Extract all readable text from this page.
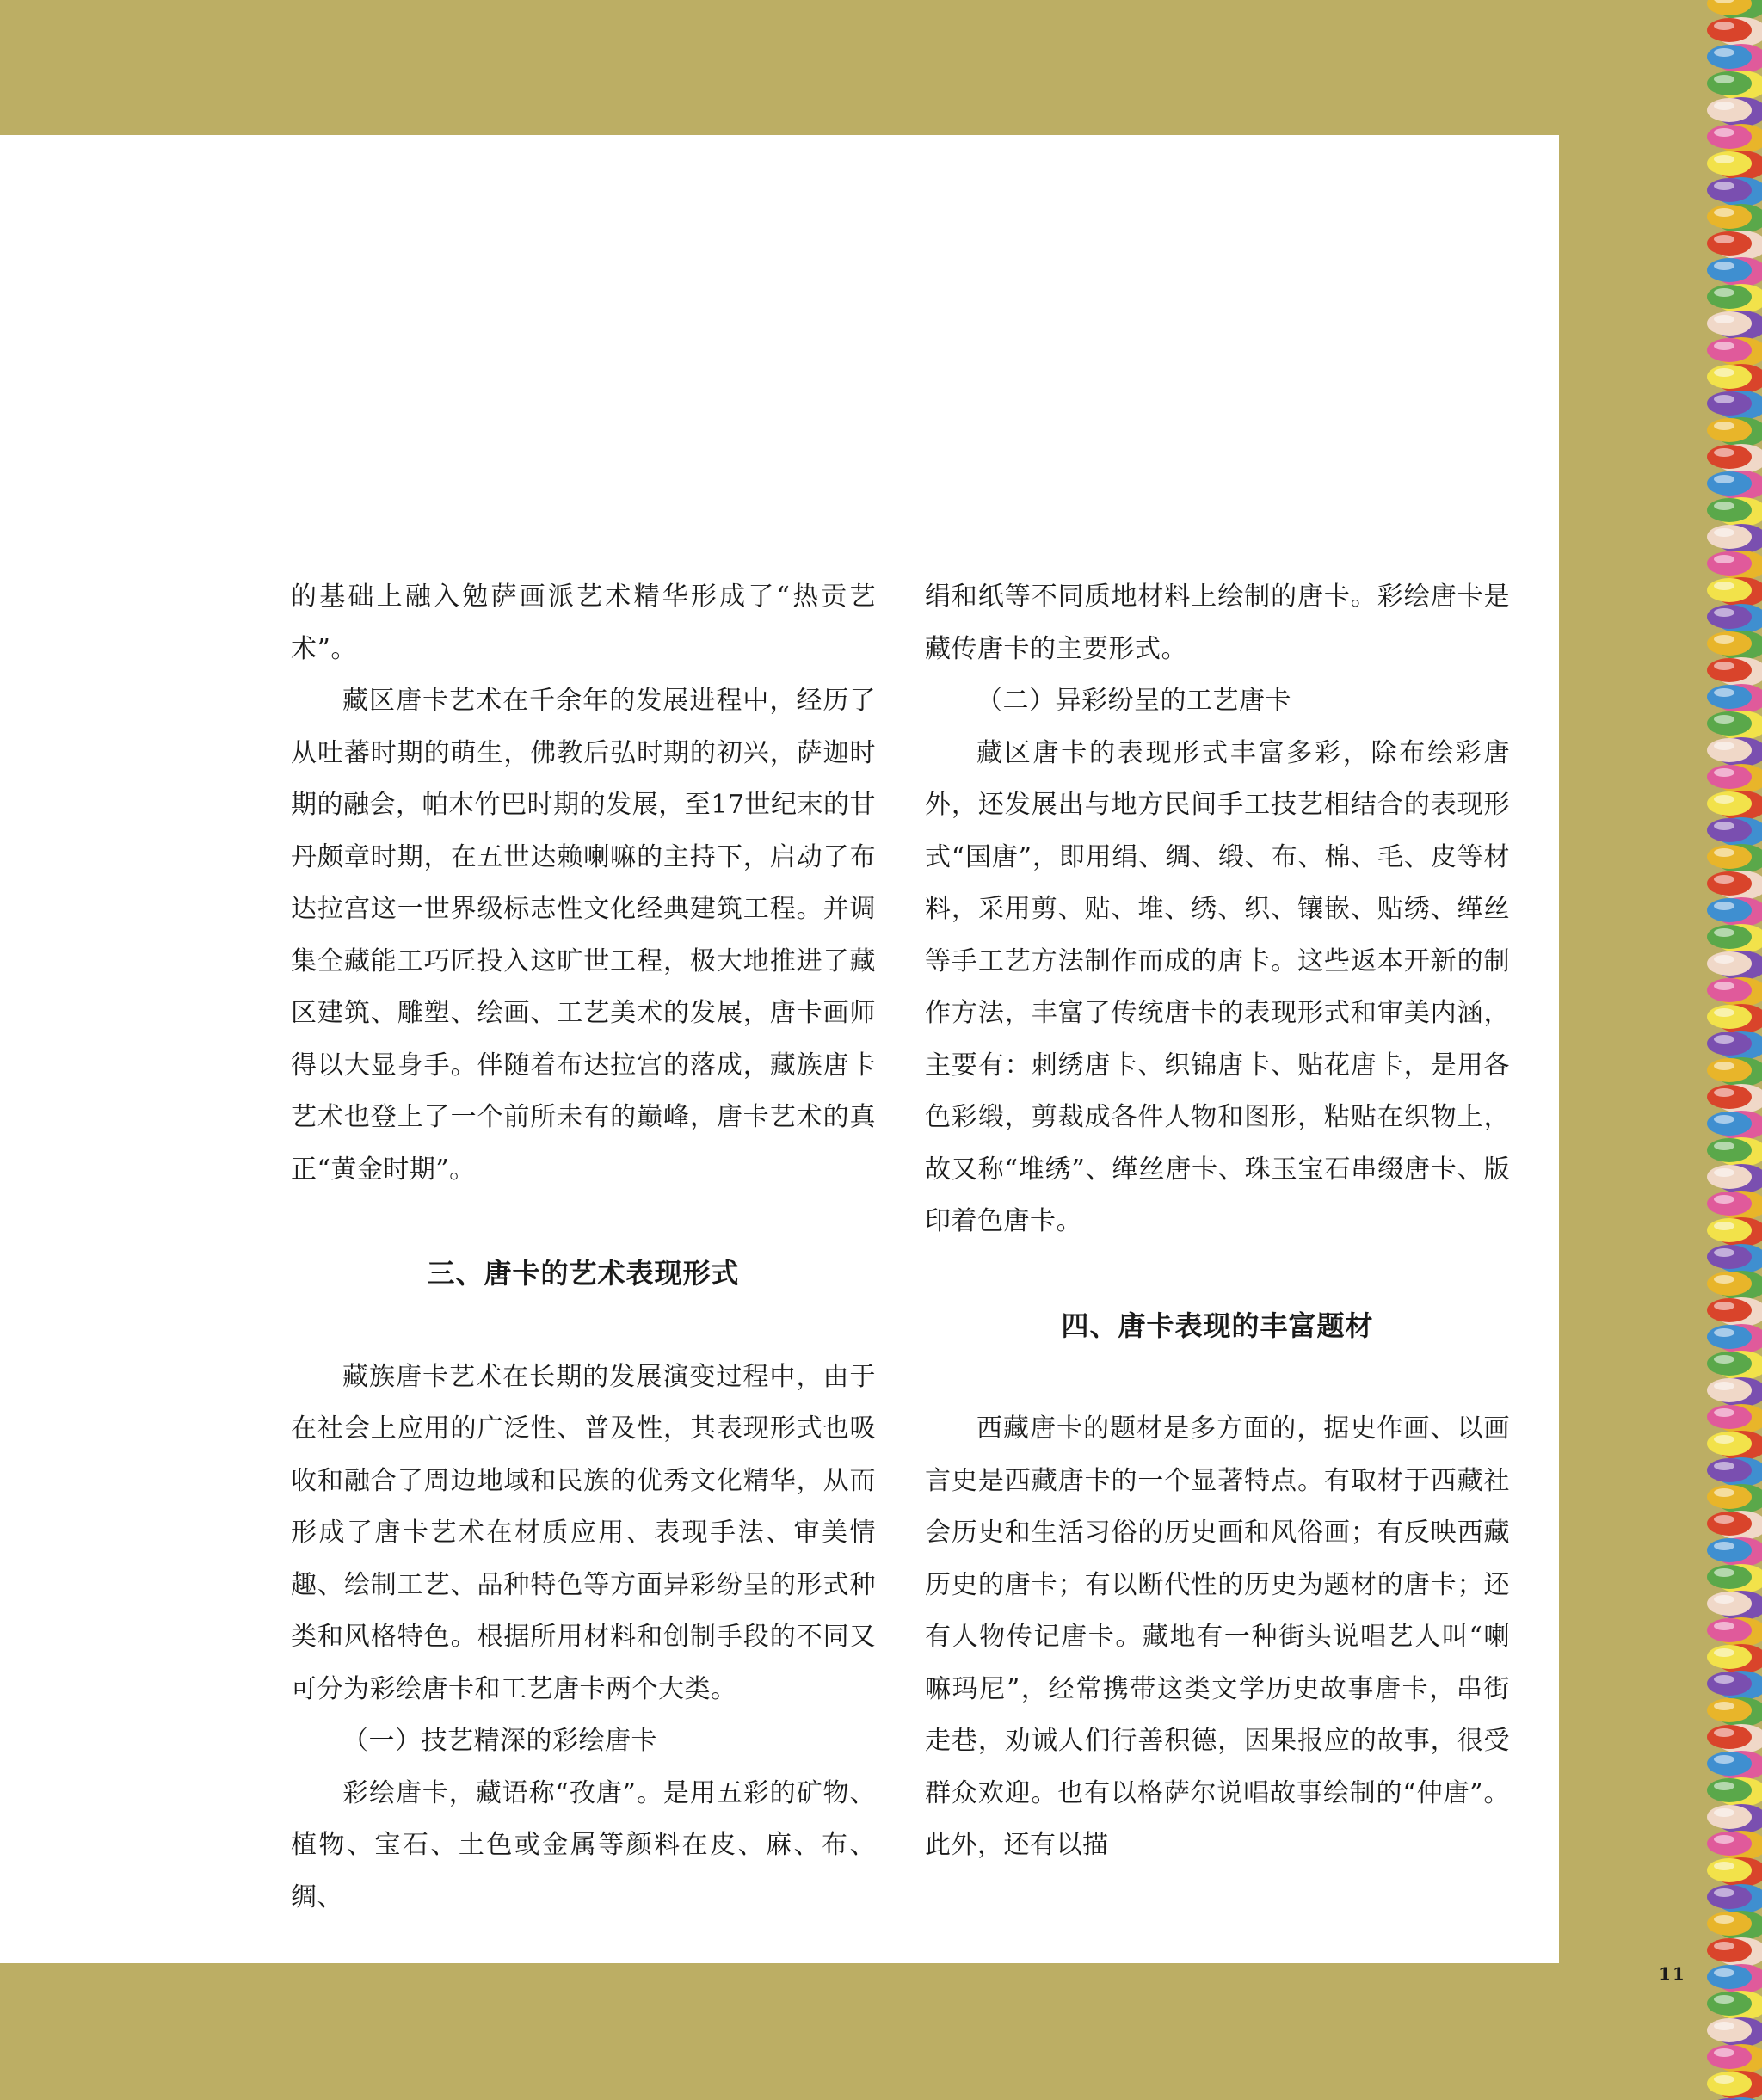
的基础上融入勉萨画派艺术精华形成了“热贡艺术”。

藏区唐卡艺术在千余年的发展进程中，经历了从吐蕃时期的萌生，佛教后弘时期的初兴，萨迦时期的融会，帕木竹巴时期的发展，至17世纪末的甘丹颇章时期，在五世达赖喇嘛的主持下，启动了布达拉宫这一世界级标志性文化经典建筑工程。并调集全藏能工巧匠投入这旷世工程，极大地推进了藏区建筑、雕塑、绘画、工艺美术的发展，唐卡画师得以大显身手。伴随着布达拉宫的落成，藏族唐卡艺术也登上了一个前所未有的巅峰，唐卡艺术的真正“黄金时期”。

三、唐卡的艺术表现形式

藏族唐卡艺术在长期的发展演变过程中，由于在社会上应用的广泛性、普及性，其表现形式也吸收和融合了周边地域和民族的优秀文化精华，从而形成了唐卡艺术在材质应用、表现手法、审美情趣、绘制工艺、品种特色等方面异彩纷呈的形式种类和风格特色。根据所用材料和创制手段的不同又可分为彩绘唐卡和工艺唐卡两个大类。

（一）技艺精深的彩绘唐卡

彩绘唐卡，藏语称“孜唐”。是用五彩的矿物、植物、宝石、土色或金属等颜料在皮、麻、布、绸、

绢和纸等不同质地材料上绘制的唐卡。彩绘唐卡是藏传唐卡的主要形式。

（二）异彩纷呈的工艺唐卡

藏区唐卡的表现形式丰富多彩，除布绘彩唐外，还发展出与地方民间手工技艺相结合的表现形式“国唐”，即用绢、绸、缎、布、棉、毛、皮等材料，采用剪、贴、堆、绣、织、镶嵌、贴绣、缂丝等手工艺方法制作而成的唐卡。这些返本开新的制作方法，丰富了传统唐卡的表现形式和审美内涵，主要有：刺绣唐卡、织锦唐卡、贴花唐卡，是用各色彩缎，剪裁成各件人物和图形，粘贴在织物上，故又称“堆绣”、缂丝唐卡、珠玉宝石串缀唐卡、版印着色唐卡。

四、唐卡表现的丰富题材

西藏唐卡的题材是多方面的，据史作画、以画言史是西藏唐卡的一个显著特点。有取材于西藏社会历史和生活习俗的历史画和风俗画；有反映西藏历史的唐卡；有以断代性的历史为题材的唐卡；还有人物传记唐卡。藏地有一种街头说唱艺人叫“喇嘛玛尼”，经常携带这类文学历史故事唐卡，串街走巷，劝诫人们行善积德，因果报应的故事，很受群众欢迎。也有以格萨尔说唱故事绘制的“仲唐”。此外，还有以描

11
